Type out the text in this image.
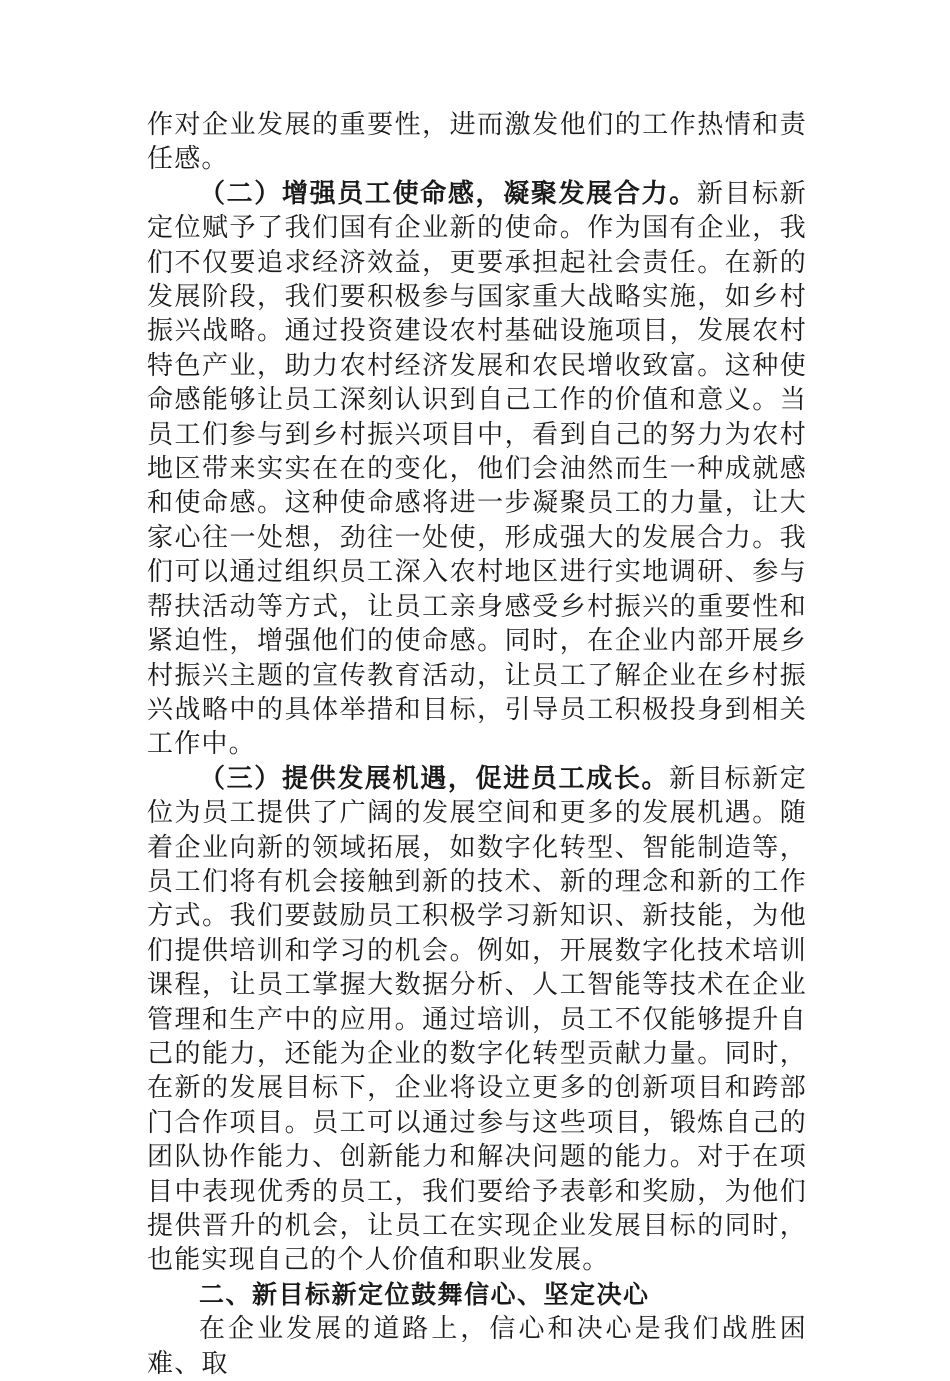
作对企业发展的重要性，进而激发他们的工作热情和责任感。

（二）增强员工使命感，凝聚发展合力。新目标新定位赋予了我们国有企业新的使命。作为国有企业，我们不仅要追求经济效益，更要承担起社会责任。在新的发展阶段，我们要积极参与国家重大战略实施，如乡村振兴战略。通过投资建设农村基础设施项目，发展农村特色产业，助力农村经济发展和农民增收致富。这种使命感能够让员工深刻认识到自己工作的价值和意义。当员工们参与到乡村振兴项目中，看到自己的努力为农村地区带来实实在在的变化，他们会油然而生一种成就感和使命感。这种使命感将进一步凝聚员工的力量，让大家心往一处想，劲往一处使，形成强大的发展合力。我们可以通过组织员工深入农村地区进行实地调研、参与帮扶活动等方式，让员工亲身感受乡村振兴的重要性和紧迫性，增强他们的使命感。同时，在企业内部开展乡村振兴主题的宣传教育活动，让员工了解企业在乡村振兴战略中的具体举措和目标，引导员工积极投身到相关工作中。

（三）提供发展机遇，促进员工成长。新目标新定位为员工提供了广阔的发展空间和更多的发展机遇。随着企业向新的领域拓展，如数字化转型、智能制造等，员工们将有机会接触到新的技术、新的理念和新的工作方式。我们要鼓励员工积极学习新知识、新技能，为他们提供培训和学习的机会。例如，开展数字化技术培训课程，让员工掌握大数据分析、人工智能等技术在企业管理和生产中的应用。通过培训，员工不仅能够提升自己的能力，还能为企业的数字化转型贡献力量。同时，在新的发展目标下，企业将设立更多的创新项目和跨部门合作项目。员工可以通过参与这些项目，锻炼自己的团队协作能力、创新能力和解决问题的能力。对于在项目中表现优秀的员工，我们要给予表彰和奖励，为他们提供晋升的机会，让员工在实现企业发展目标的同时，也能实现自己的个人价值和职业发展。

二、新目标新定位鼓舞信心、坚定决心

在企业发展的道路上，信心和决心是我们战胜困难、取
